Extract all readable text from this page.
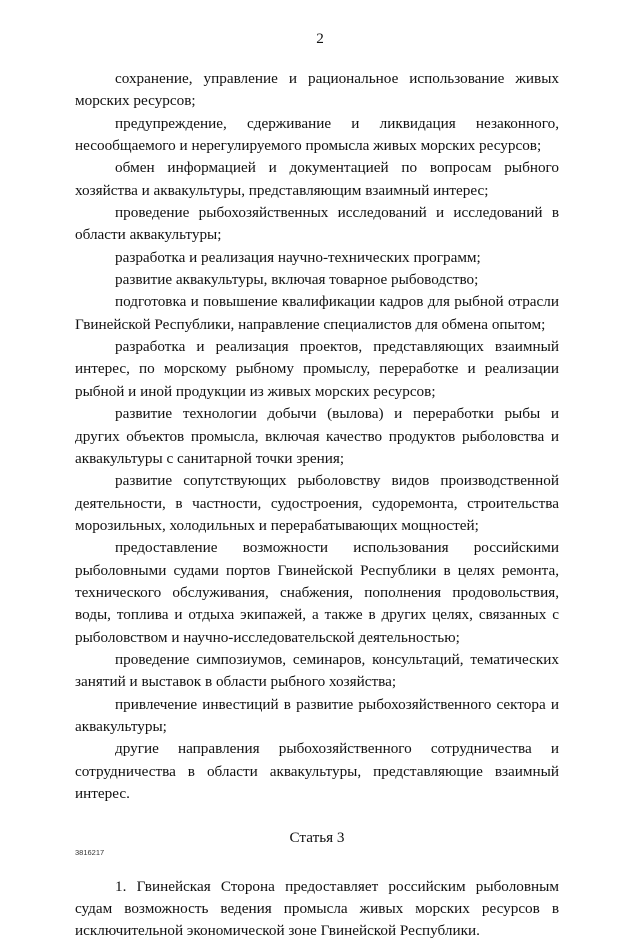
2

сохранение, управление и рациональное использование живых морских ресурсов;

предупреждение, сдерживание и ликвидация незаконного, несообщаемого и нерегулируемого промысла живых морских ресурсов;

обмен информацией и документацией по вопросам рыбного хозяйства и аквакультуры, представляющим взаимный интерес;

проведение рыбохозяйственных исследований и исследований в области аквакультуры;

разработка и реализация научно-технических программ;

развитие аквакультуры, включая товарное рыбоводство;

подготовка и повышение квалификации кадров для рыбной отрасли Гвинейской Республики, направление специалистов для обмена опытом;

разработка и реализация проектов, представляющих взаимный интерес, по морскому рыбному промыслу, переработке и реализации рыбной и иной продукции из живых морских ресурсов;

развитие технологии добычи (вылова) и переработки рыбы и других объектов промысла, включая качество продуктов рыболовства и аквакультуры с санитарной точки зрения;

развитие сопутствующих рыболовству видов производственной деятельности, в частности, судостроения, судоремонта, строительства морозильных, холодильных и перерабатывающих мощностей;

предоставление возможности использования российскими рыболовными судами портов Гвинейской Республики в целях ремонта, технического обслуживания, снабжения, пополнения продовольствия, воды, топлива и отдыха экипажей, а также в других целях, связанных с рыболовством и научно-исследовательской деятельностью;

проведение симпозиумов, семинаров, консультаций, тематических занятий и выставок в области рыбного хозяйства;

привлечение инвестиций в развитие рыбохозяйственного сектора и аквакультуры;

другие направления рыбохозяйственного сотрудничества и сотрудничества в области аквакультуры, представляющие взаимный интерес.

Статья 3

1. Гвинейская Сторона предоставляет российским рыболовным судам возможность ведения промысла живых морских ресурсов в исключительной экономической зоне Гвинейской Республики.

3816217
